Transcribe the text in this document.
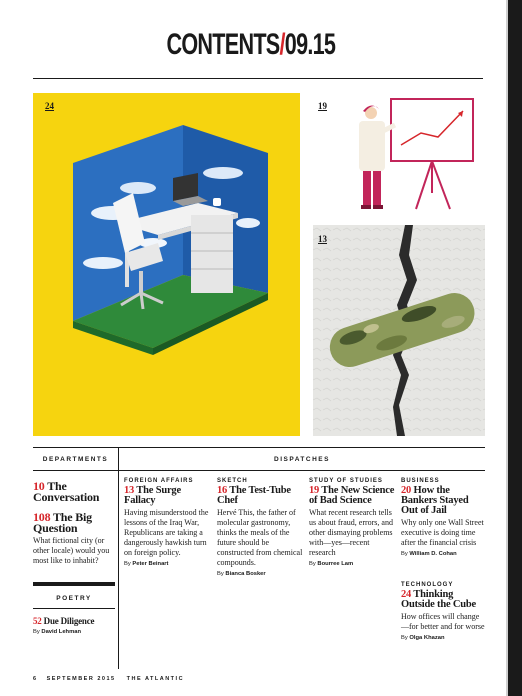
CONTENTS/09.15
24	19
13
DEPARTMENTS	DISPATCHES
10 The Conversation
108 The Big Question
What fictional city (or other locale) would you most like to inhabit?
POETRY
52 Due Diligence
By David Lehman
FOREIGN AFFAIRS
13 The Surge Fallacy
Having misunderstood the lessons of the Iraq War, Republicans are taking a dangerously hawkish turn on foreign policy.
By Peter Beinart
SKETCH
16 The Test-Tube Chef
Hervé This, the father of molecular gastronomy, thinks the meals of the future should be constructed from chemical compounds.
By Bianca Bosker
STUDY OF STUDIES
19 The New Science of Bad Science
What recent research tells us about fraud, errors, and other dismaying problems with—yes—recent research
By Bourree Lam
BUSINESS
20 How the Bankers Stayed Out of Jail
Why only one Wall Street executive is doing time after the financial crisis
By William D. Cohan
TECHNOLOGY
24 Thinking Outside the Cube
How offices will change—for better and for worse
By Olga Khazan
6 SEPTEMBER 2015 THE ATLANTIC
